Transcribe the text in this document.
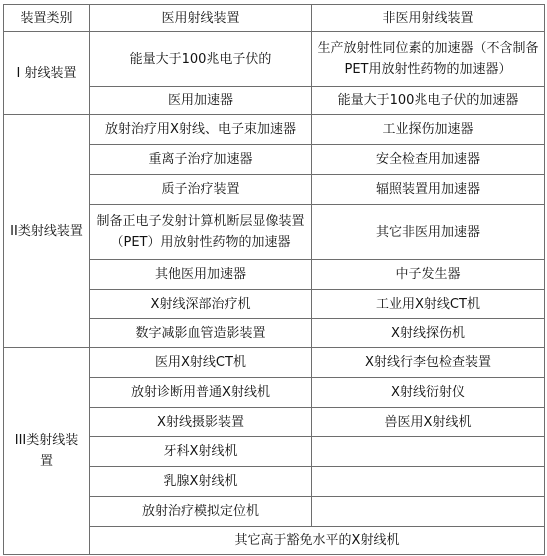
装置类别	医用射线装置	非医用射线装置
I 射线装置	能量大于100兆电子伏的	生产放射性同位素的加速器（不含制备PET用放射性药物的加速器）
	医用加速器	能量大于100兆电子伏的加速器
II类射线装置	放射治疗用X射线、电子束加速器	工业探伤加速器
	重离子治疗加速器	安全检查用加速器
	质子治疗装置	辐照装置用加速器
	制备正电子发射计算机断层显像装置（PET）用放射性药物的加速器	其它非医用加速器
	其他医用加速器	中子发生器
	X射线深部治疗机	工业用X射线CT机
	数字减影血管造影装置	X射线探伤机
III类射线装置	医用X射线CT机	X射线行李包检查装置
	放射诊断用普通X射线机	X射线衍射仪
	X射线摄影装置	兽医用X射线机
	牙科X射线机	
	乳腺X射线机	
	放射治疗模拟定位机	
	其它高于豁免水平的X射线机	
